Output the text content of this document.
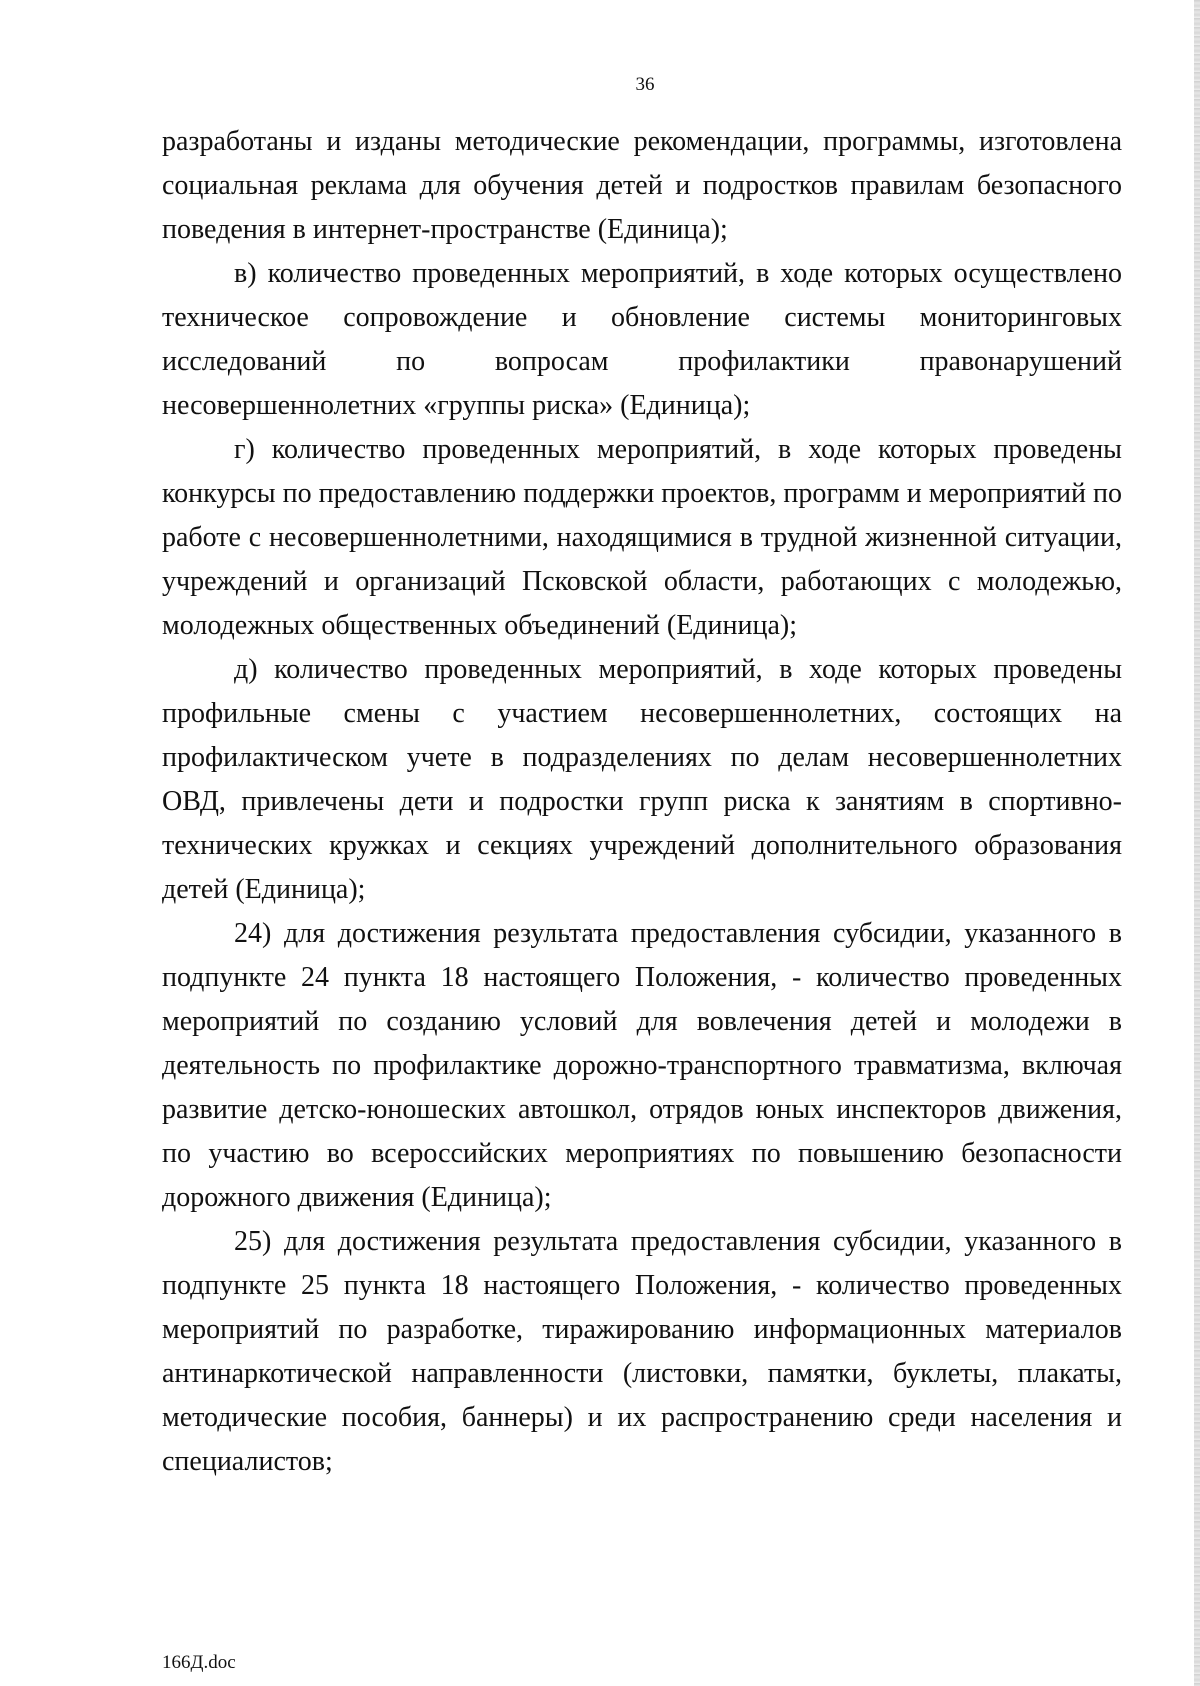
36

разработаны и изданы методические рекомендации, программы, изготовлена социальная реклама для обучения детей и подростков правилам безопасного поведения в интернет-пространстве (Единица);

в) количество проведенных мероприятий, в ходе которых осуществлено техническое сопровождение и обновление системы мониторинговых исследований по вопросам профилактики правонарушений несовершеннолетних «группы риска» (Единица);

г) количество проведенных мероприятий, в ходе которых проведены конкурсы по предоставлению поддержки проектов, программ и мероприятий по работе с несовершеннолетними, находящимися в трудной жизненной ситуации, учреждений и организаций Псковской области, работающих с молодежью, молодежных общественных объединений (Единица);

д) количество проведенных мероприятий, в ходе которых проведены профильные смены с участием несовершеннолетних, состоящих на профилактическом учете в подразделениях по делам несовершеннолетних ОВД, привлечены дети и подростки групп риска к занятиям в спортивно-технических кружках и секциях учреждений дополнительного образования детей (Единица);

24) для достижения результата предоставления субсидии, указанного в подпункте 24 пункта 18 настоящего Положения, - количество проведенных мероприятий по созданию условий для вовлечения детей и молодежи в деятельность по профилактике дорожно-транспортного травматизма, включая развитие детско-юношеских автошкол, отрядов юных инспекторов движения, по участию во всероссийских мероприятиях по повышению безопасности дорожного движения (Единица);

25) для достижения результата предоставления субсидии, указанного в подпункте 25 пункта 18 настоящего Положения, - количество проведенных мероприятий по разработке, тиражированию информационных материалов антинаркотической направленности (листовки, памятки, буклеты, плакаты, методические пособия, баннеры) и их распространению среди населения и специалистов;

166Д.doc
